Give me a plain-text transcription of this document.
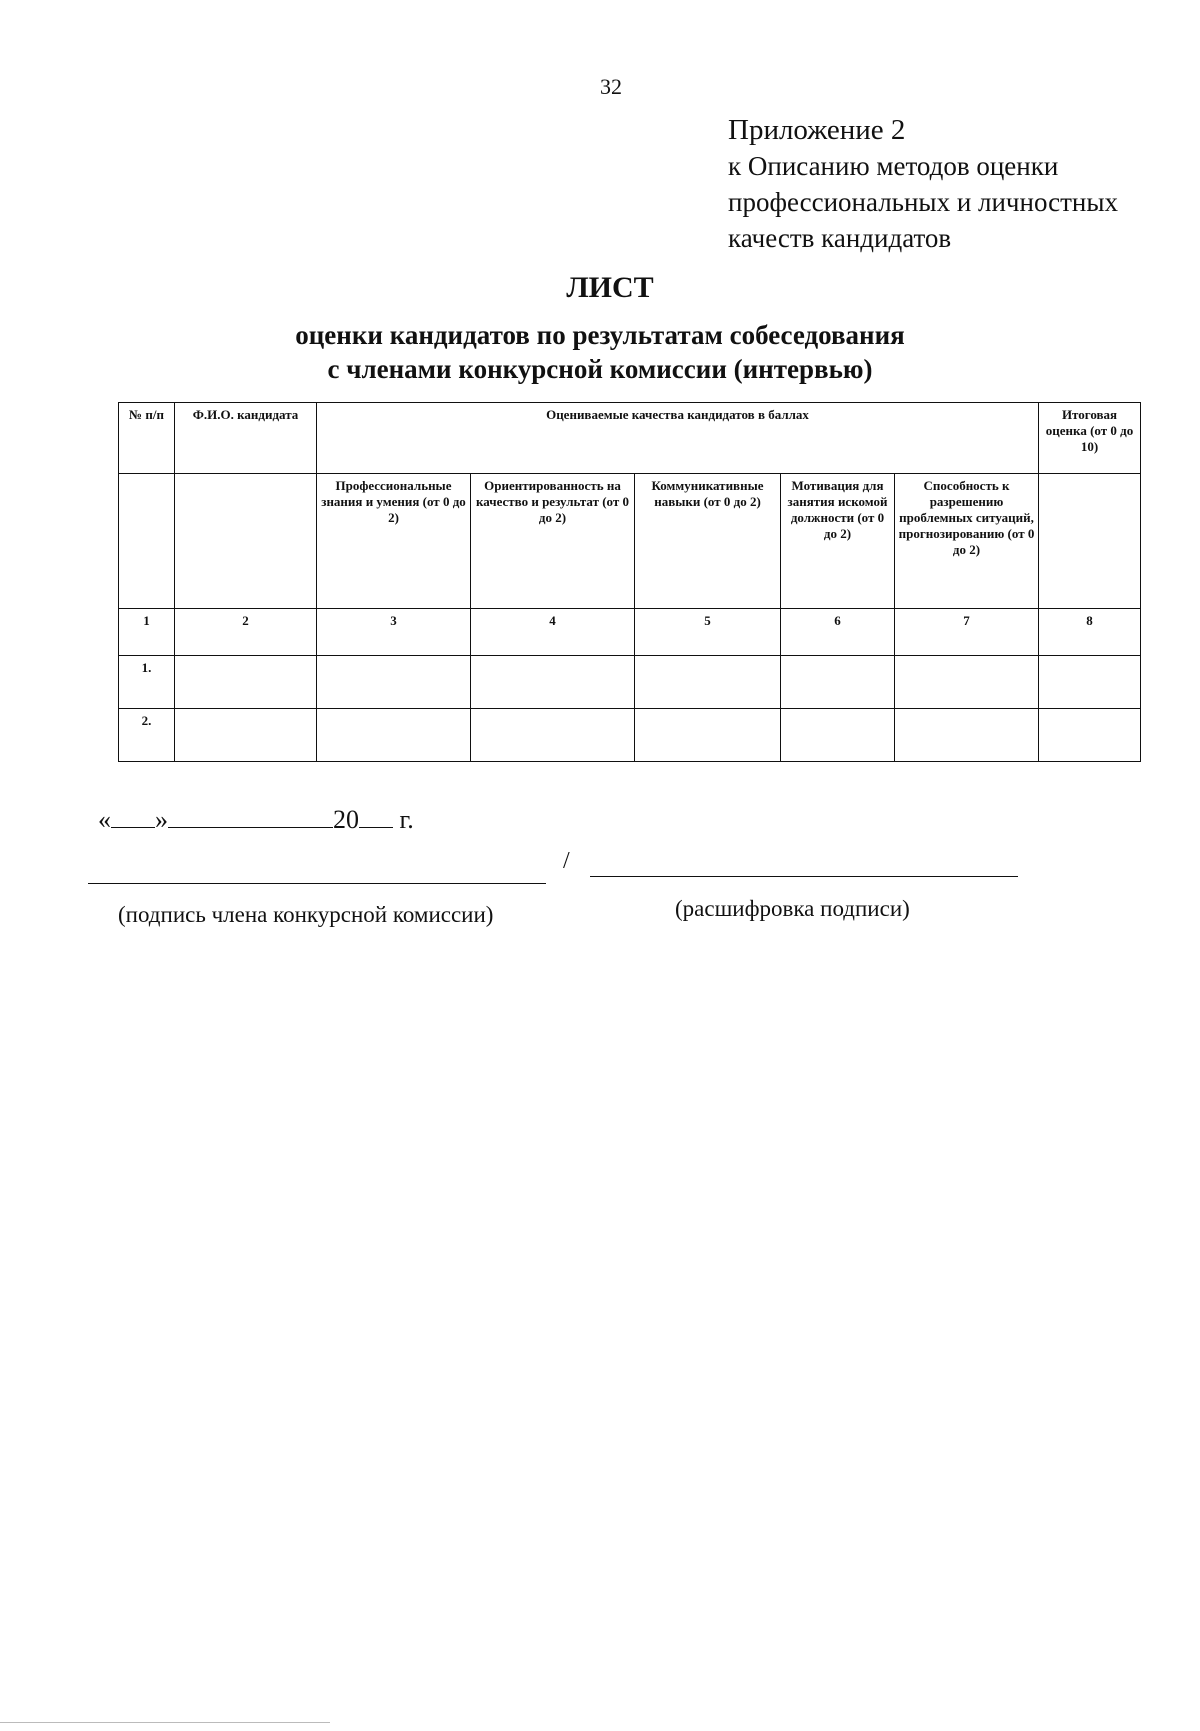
32
Приложение 2
к Описанию методов оценки
профессиональных и личностных
качеств кандидатов
ЛИСТ
оценки кандидатов по результатам собеседования
с членами конкурсной комиссии (интервью)
№ п/п	Ф.И.О. кандидата	Оцениваемые качества кандидатов в баллах					Итоговая оценка (от 0 до 10)
		Профессиональные знания и умения (от 0 до 2)	Ориентированность на качество и результат (от 0 до 2)	Коммуникативные навыки (от 0 до 2)	Мотивация для занятия искомой должности (от 0 до 2)	Способность к разрешению проблемных ситуаций, прогнозированию (от 0 до 2)	
1	2	3	4	5	6	7	8
1.							
2.							
« »	20 г.
/
(подпись члена конкурсной комиссии)	(расшифровка подписи)
